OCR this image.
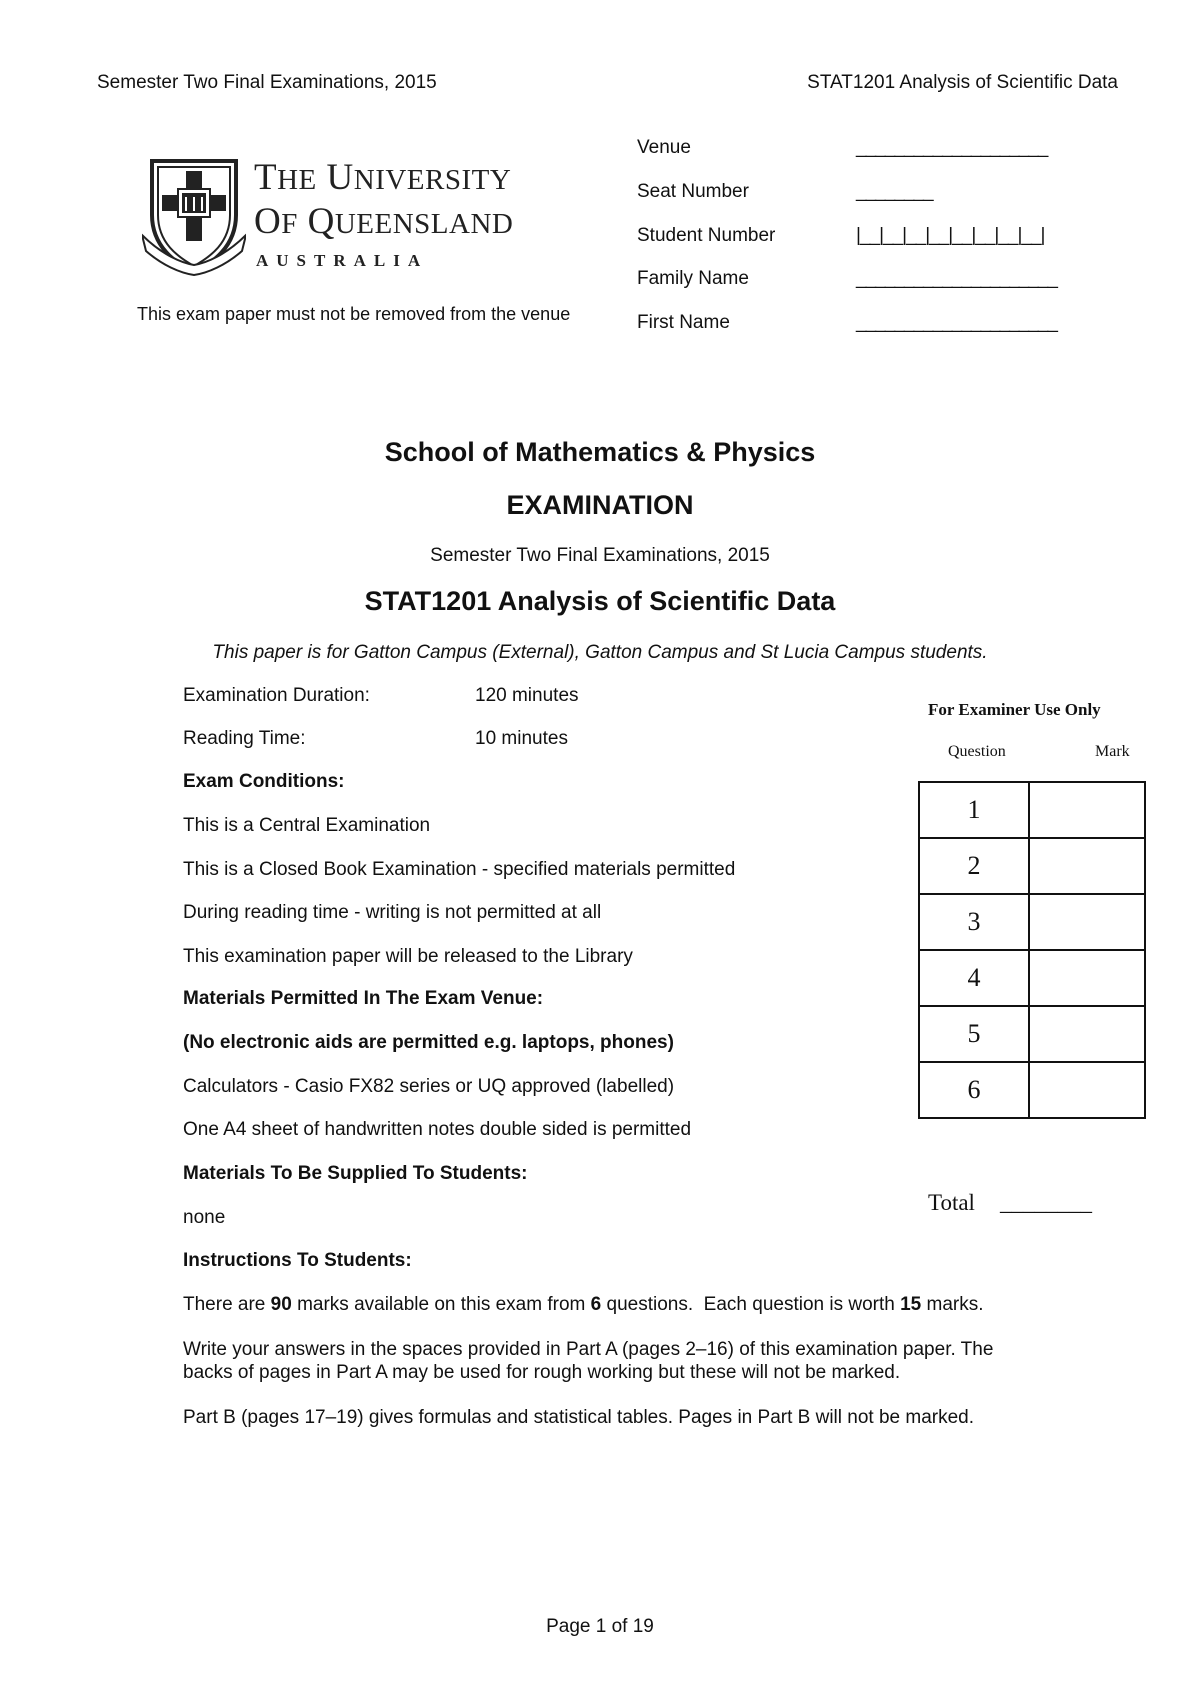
Semester Two Final Examinations, 2015	STAT1201 Analysis of Scientific Data
THE UNIVERSITY
OF QUEENSLAND
AUSTRALIA
This exam paper must not be removed from the venue
Venue	____________________
Seat Number	________
Student Number	|__|__|__|__|__|__|__|__|
Family Name	_____________________
First Name	_____________________
School of Mathematics & Physics
EXAMINATION
Semester Two Final Examinations, 2015
STAT1201 Analysis of Scientific Data
This paper is for Gatton Campus (External), Gatton Campus and St Lucia Campus students.
Examination Duration:	120 minutes
Reading Time:	10 minutes
Exam Conditions:
This is a Central Examination
This is a Closed Book Examination - specified materials permitted
During reading time - writing is not permitted at all
This examination paper will be released to the Library
Materials Permitted In The Exam Venue:
(No electronic aids are permitted e.g. laptops, phones)
Calculators - Casio FX82 series or UQ approved (labelled)
One A4 sheet of handwritten notes double sided is permitted
Materials To Be Supplied To Students:
none
Instructions To Students:
There are 90 marks available on this exam from 6 questions.  Each question is worth 15 marks.
Write your answers in the spaces provided in Part A (pages 2–16) of this examination paper. The
backs of pages in Part A may be used for rough working but these will not be marked.
Part B (pages 17–19) gives formulas and statistical tables. Pages in Part B will not be marked.
For Examiner Use Only
Question	Mark
1	
2	
3	
4	
5	
6	
Total ________
Page 1 of 19
